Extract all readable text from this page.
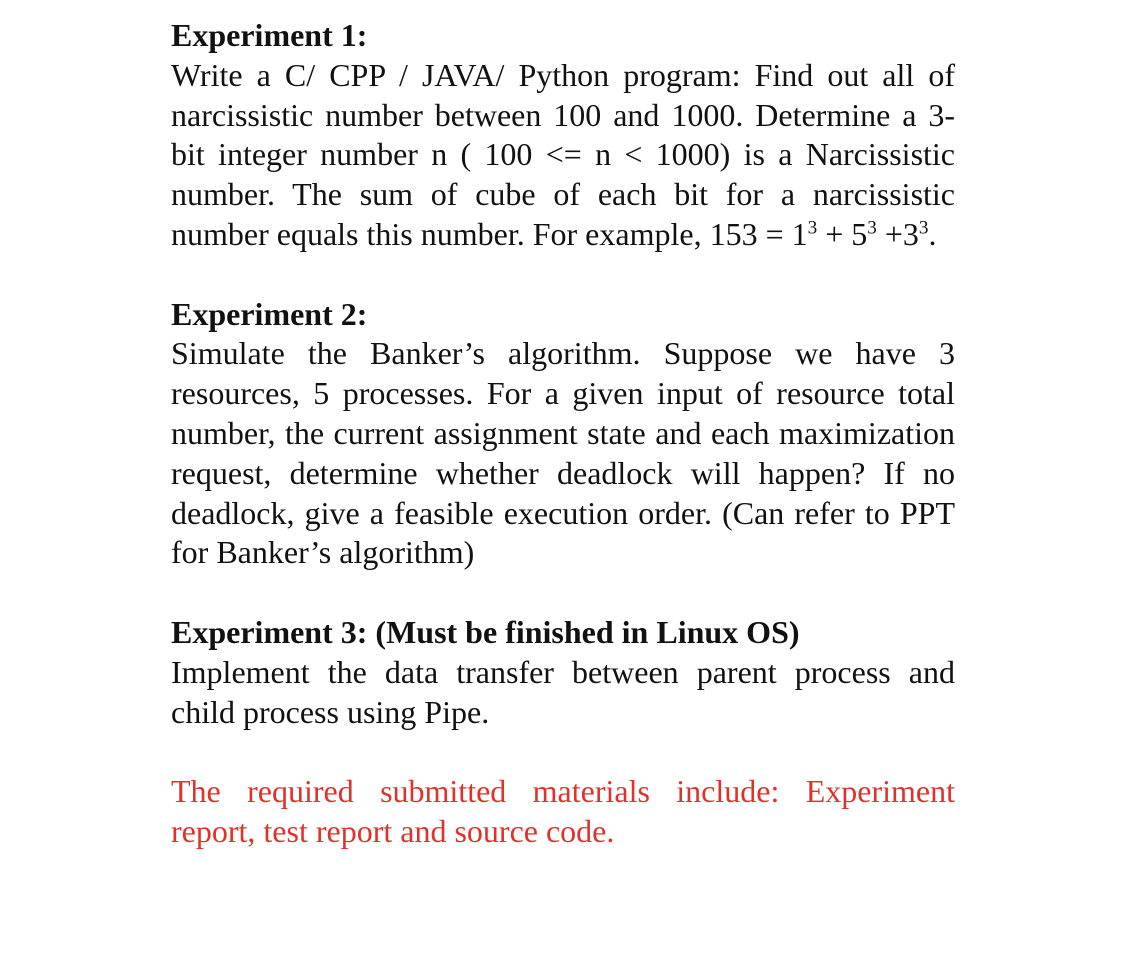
Experiment 1:
Write a C/ CPP / JAVA/ Python program: Find out all of narcissistic number between 100 and 1000. Determine a 3-bit integer number n ( 100 <= n < 1000) is a Narcissistic number. The sum of cube of each bit for a narcissistic number equals this number. For example, $153 = 1^3 + 5^3 +3^3$.
Experiment 2:
Simulate the Banker’s algorithm. Suppose we have 3 resources, 5 processes. For a given input of resource total number, the current assignment state and each maximization request, determine whether deadlock will happen? If no deadlock, give a feasible execution order. (Can refer to PPT for Banker’s algorithm)
Experiment 3: (Must be finished in Linux OS)
Implement the data transfer between parent process and child process using Pipe.
The required submitted materials include: Experiment report, test report and source code.
